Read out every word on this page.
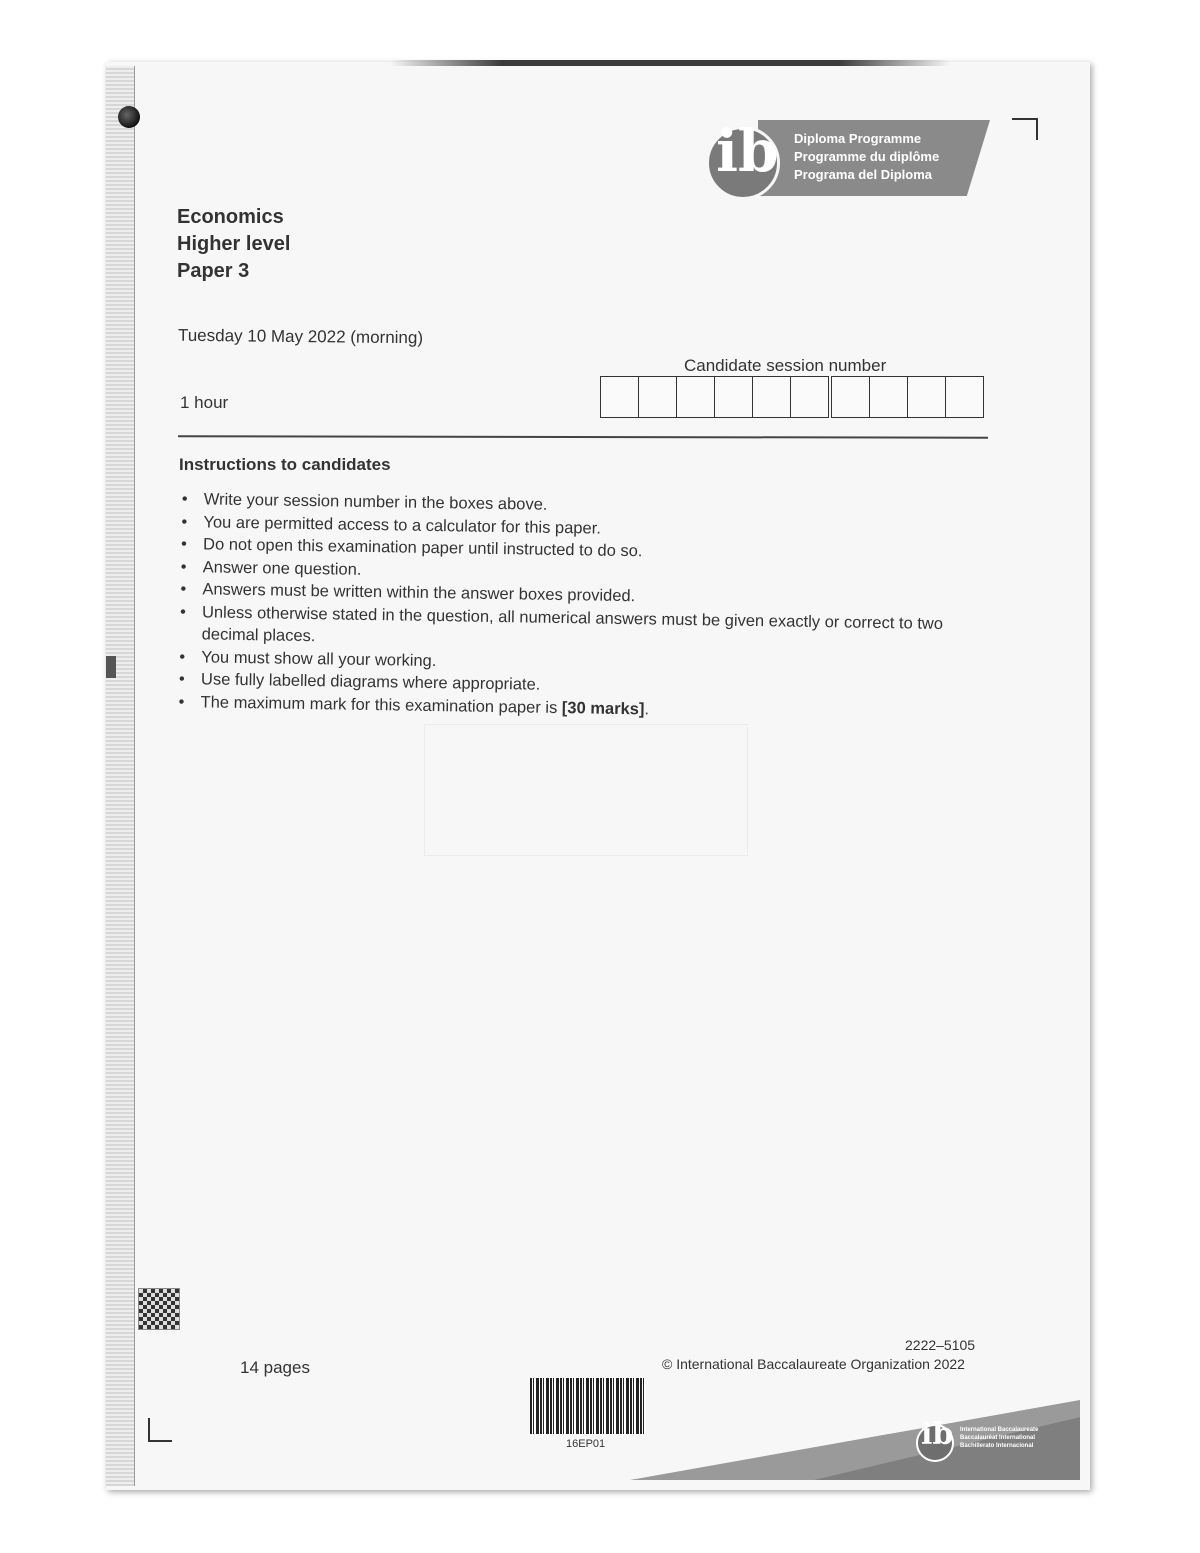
ib Diploma Programme
Programme du diplôme
Programa del Diploma
Economics
Higher level
Paper 3
Tuesday 10 May 2022 (morning)
1 hour
Candidate session number
Instructions to candidates
• Write your session number in the boxes above.
• You are permitted access to a calculator for this paper.
• Do not open this examination paper until instructed to do so.
• Answer one question.
• Answers must be written within the answer boxes provided.
• Unless otherwise stated in the question, all numerical answers must be given exactly or correct to two decimal places.
• You must show all your working.
• Use fully labelled diagrams where appropriate.
• The maximum mark for this examination paper is [30 marks].
14 pages
2222–5105
© International Baccalaureate Organization 2022
16EP01	ib International Baccalaureate
Baccalauréat International
Bachillerato Internacional
